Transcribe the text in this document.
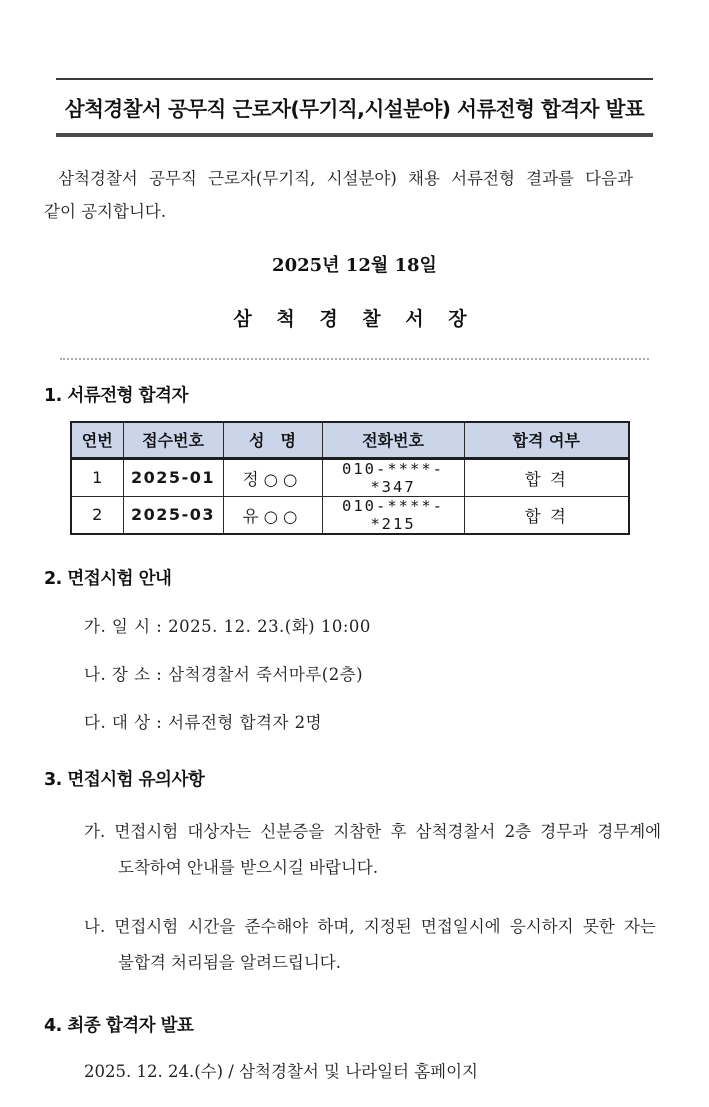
삼척경찰서 공무직 근로자(무기직,시설분야) 서류전형 합격자 발표
삼척경찰서 공무직 근로자(무기직, 시설분야) 채용 서류전형 결과를 다음과
같이 공지합니다.
2025년 12월 18일
삼 척 경 찰 서 장
1. 서류전형 합격자
연번	접수번호	성　명	전화번호	합격 여부
1	2025-01	정○○	010-****-*347	합 격
2	2025-03	유○○	010-****-*215	합 격
2. 면접시험 안내
가. 일 시 : 2025. 12. 23.(화) 10:00
나. 장 소 : 삼척경찰서 죽서마루(2층)
다. 대 상 : 서류전형 합격자 2명
3. 면접시험 유의사항
가. 면접시험 대상자는 신분증을 지참한 후 삼척경찰서 2층 경무과 경무계에
도착하여 안내를 받으시길 바랍니다.
나. 면접시험 시간을 준수해야 하며, 지정된 면접일시에 응시하지 못한 자는
불합격 처리됨을 알려드립니다.
4. 최종 합격자 발표
2025. 12. 24.(수) / 삼척경찰서 및 나라일터 홈페이지
